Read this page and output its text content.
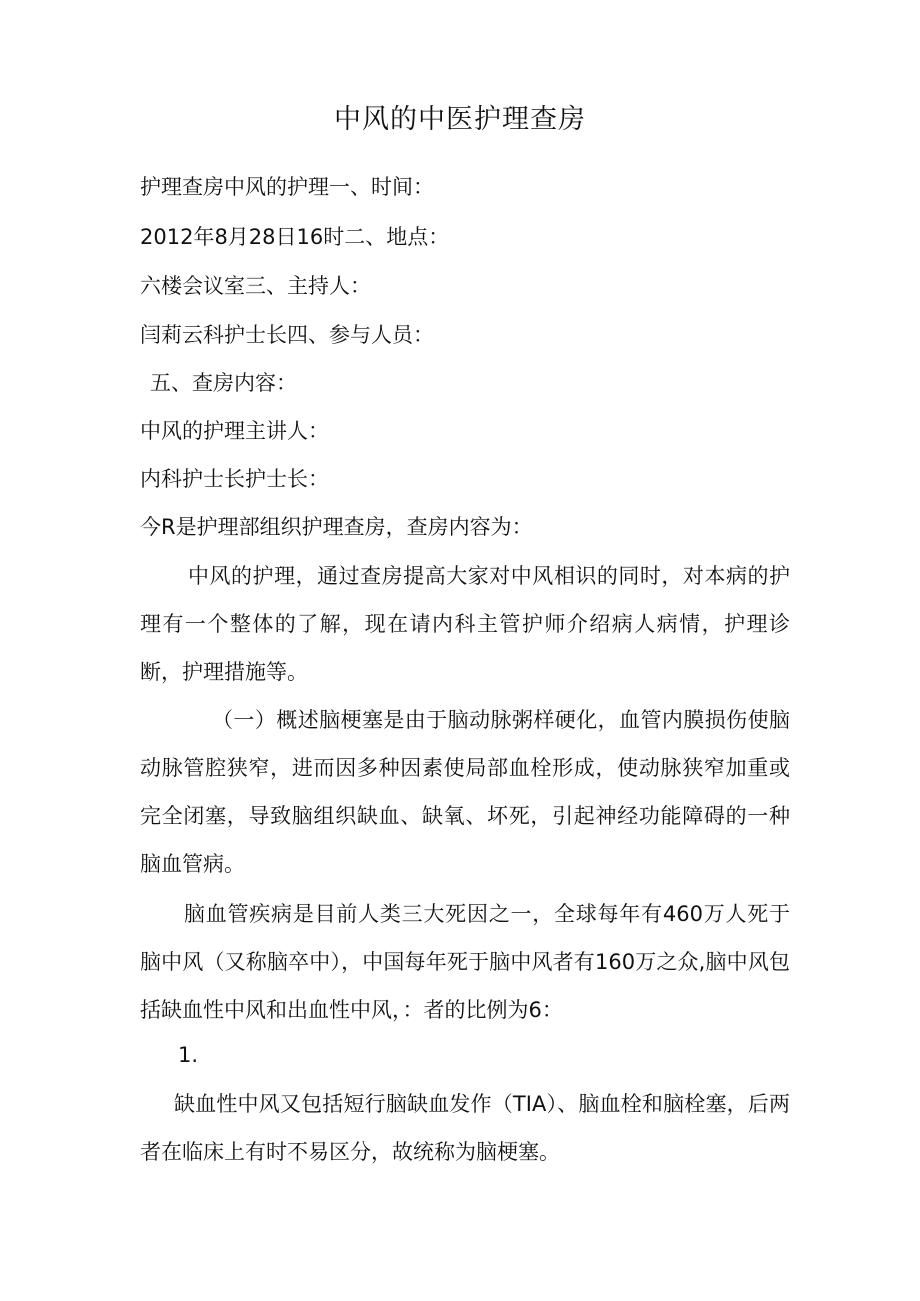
中风的中医护理查房
护理查房中风的护理一、时间：
2012年8月28日16时二、地点：
六楼会议室三、主持人：
闫莉云科护士长四、参与人员：
五、查房内容：
中风的护理主讲人：
内科护士长护士长：
今R是护理部组织护理查房，查房内容为：
中风的护理，通过查房提高大家对中风相识的同时，对本病的护理有一个整体的了解，现在请内科主管护师介绍病人病情，护理诊断，护理措施等。
（一）概述脑梗塞是由于脑动脉粥样硬化，血管内膜损伤使脑动脉管腔狭窄，进而因多种因素使局部血栓形成，使动脉狭窄加重或完全闭塞，导致脑组织缺血、缺氧、坏死，引起神经功能障碍的一种脑血管病。
脑血管疾病是目前人类三大死因之一，全球每年有460万人死于脑中风（又称脑卒中），中国每年死于脑中风者有160万之众,脑中风包括缺血性中风和出血性中风，：者的比例为6：
1.
缺血性中风又包括短行脑缺血发作（TIA）、脑血栓和脑栓塞，后两者在临床上有时不易区分，故统称为脑梗塞。
